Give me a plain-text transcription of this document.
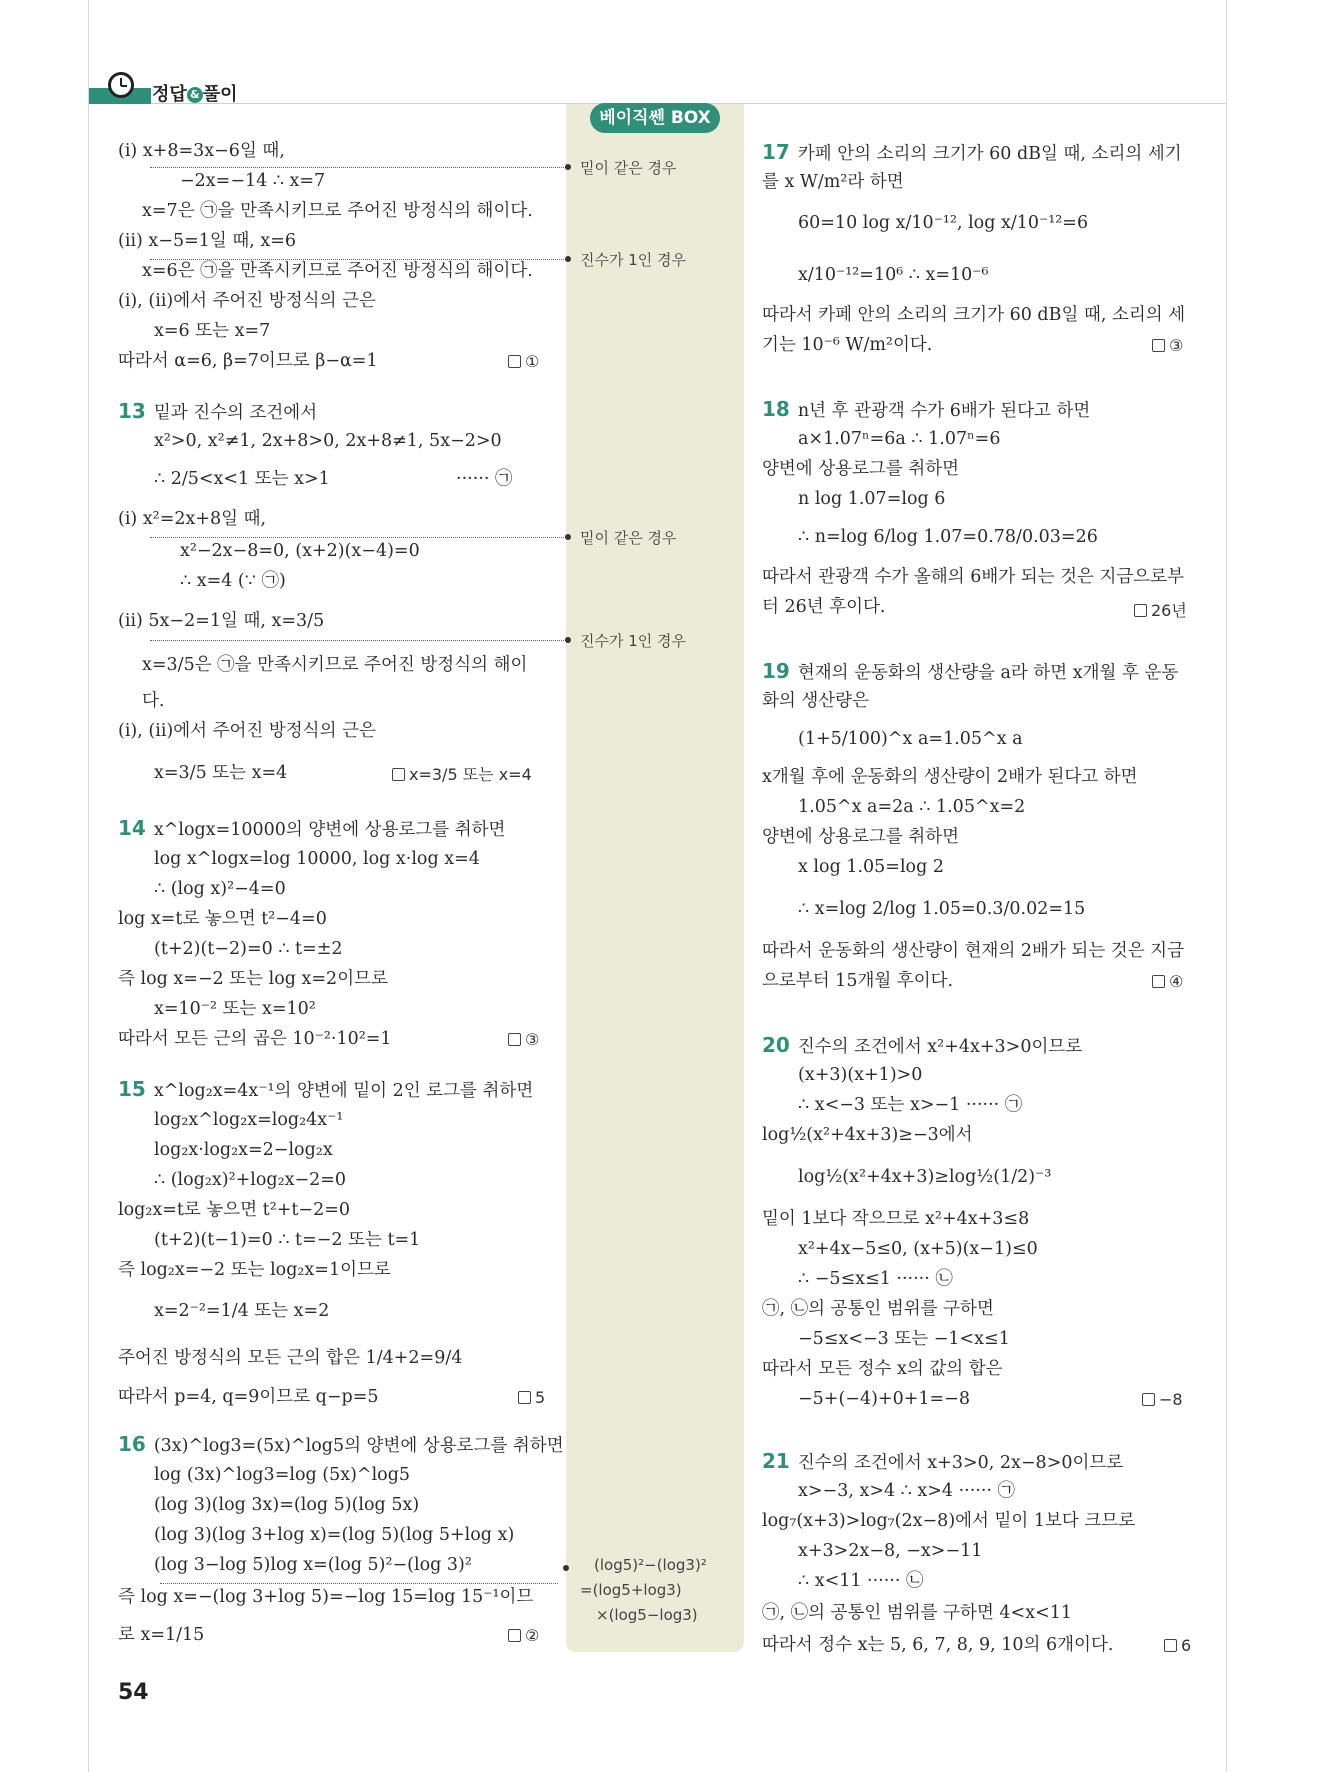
정답 & 풀이
베이직쎈 BOX
밑이 같은 경우
진수가 1인 경우
밑이 같은 경우
진수가 1인 경우
(log5)²−(log3)²
=(log5+log3)
×(log5−log3)
(ⅰ) x+8=3x−6일 때,
−2x=−14 ∴ x=7
x=7은 ㉠을 만족시키므로 주어진 방정식의 해이다.
(ⅱ) x−5=1일 때, x=6
x=6은 ㉠을 만족시키므로 주어진 방정식의 해이다.
(ⅰ), (ⅱ)에서 주어진 방정식의 근은
x=6 또는 x=7
따라서 α=6, β=7이므로 β−α=1	①
13 밑과 진수의 조건에서
x²>0, x²≠1, 2x+8>0, 2x+8≠1, 5x−2>0
∴ 2/5<x<1 또는 x>1	······ ㉠
(ⅰ) x²=2x+8일 때,
x²−2x−8=0, (x+2)(x−4)=0
∴ x=4 (∵ ㉠)
(ⅱ) 5x−2=1일 때, x=3/5
x=3/5은 ㉠을 만족시키므로 주어진 방정식의 해이
다.
(ⅰ), (ⅱ)에서 주어진 방정식의 근은
x=3/5 또는 x=4	x=3/5 또는 x=4
14 x^logx=10000의 양변에 상용로그를 취하면
log x^logx=log 10000, log x·log x=4
∴ (log x)²−4=0
log x=t로 놓으면 t²−4=0
(t+2)(t−2)=0 ∴ t=±2
즉 log x=−2 또는 log x=2이므로
x=10⁻² 또는 x=10²
따라서 모든 근의 곱은 10⁻²·10²=1	③
15 x^log₂x=4x⁻¹의 양변에 밑이 2인 로그를 취하면
log₂x^log₂x=log₂4x⁻¹
log₂x·log₂x=2−log₂x
∴ (log₂x)²+log₂x−2=0
log₂x=t로 놓으면 t²+t−2=0
(t+2)(t−1)=0 ∴ t=−2 또는 t=1
즉 log₂x=−2 또는 log₂x=1이므로
x=2⁻²=1/4 또는 x=2
주어진 방정식의 모든 근의 합은 1/4+2=9/4
따라서 p=4, q=9이므로 q−p=5	5
16 (3x)^log3=(5x)^log5의 양변에 상용로그를 취하면
log (3x)^log3=log (5x)^log5
(log 3)(log 3x)=(log 5)(log 5x)
(log 3)(log 3+log x)=(log 5)(log 5+log x)
(log 3−log 5)log x=(log 5)²−(log 3)²
즉 log x=−(log 3+log 5)=−log 15=log 15⁻¹이므
로 x=1/15	②
17 카페 안의 소리의 크기가 60 dB일 때, 소리의 세기
를 x W/m²라 하면
60=10 log x/10⁻¹², log x/10⁻¹²=6
x/10⁻¹²=10⁶ ∴ x=10⁻⁶
따라서 카페 안의 소리의 크기가 60 dB일 때, 소리의 세
기는 10⁻⁶ W/m²이다.	③
18 n년 후 관광객 수가 6배가 된다고 하면
a×1.07ⁿ=6a ∴ 1.07ⁿ=6
양변에 상용로그를 취하면
n log 1.07=log 6
∴ n=log 6/log 1.07=0.78/0.03=26
따라서 관광객 수가 올해의 6배가 되는 것은 지금으로부
터 26년 후이다.	26년
19 현재의 운동화의 생산량을 a라 하면 x개월 후 운동
화의 생산량은
(1+5/100)^x a=1.05^x a
x개월 후에 운동화의 생산량이 2배가 된다고 하면
1.05^x a=2a ∴ 1.05^x=2
양변에 상용로그를 취하면
x log 1.05=log 2
∴ x=log 2/log 1.05=0.3/0.02=15
따라서 운동화의 생산량이 현재의 2배가 되는 것은 지금
으로부터 15개월 후이다.	④
20 진수의 조건에서 x²+4x+3>0이므로
(x+3)(x+1)>0
∴ x<−3 또는 x>−1 ······ ㉠
log½(x²+4x+3)≥−3에서
log½(x²+4x+3)≥log½(1/2)⁻³
밑이 1보다 작으므로 x²+4x+3≤8
x²+4x−5≤0, (x+5)(x−1)≤0
∴ −5≤x≤1 ······ ㉡
㉠, ㉡의 공통인 범위를 구하면
−5≤x<−3 또는 −1<x≤1
따라서 모든 정수 x의 값의 합은
−5+(−4)+0+1=−8	−8
21 진수의 조건에서 x+3>0, 2x−8>0이므로
x>−3, x>4 ∴ x>4 ······ ㉠
log₇(x+3)>log₇(2x−8)에서 밑이 1보다 크므로
x+3>2x−8, −x>−11
∴ x<11 ······ ㉡
㉠, ㉡의 공통인 범위를 구하면 4<x<11
따라서 정수 x는 5, 6, 7, 8, 9, 10의 6개이다.	6
54
